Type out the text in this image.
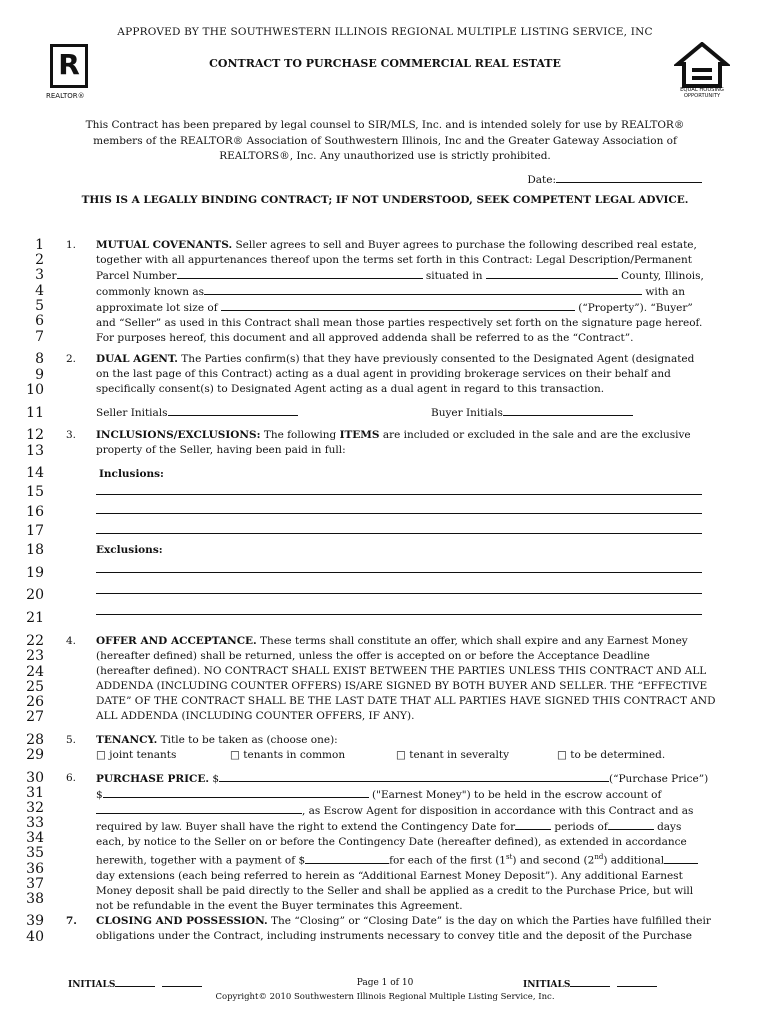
APPROVED BY THE SOUTHWESTERN ILLINOIS REGIONAL MULTIPLE LISTING SERVICE, INC
CONTRACT TO PURCHASE COMMERCIAL REAL ESTATE
R
REALTOR®
EQUAL HOUSING OPPORTUNITY
This Contract has been prepared by legal counsel to SIR/MLS, Inc. and is intended solely for use by REALTOR®
members of the REALTOR® Association of Southwestern Illinois, Inc and the Greater Gateway Association of
REALTORS®, Inc. Any unauthorized use is strictly prohibited.
Date:
THIS IS A LEGALLY BINDING CONTRACT; IF NOT UNDERSTOOD, SEEK COMPETENT LEGAL ADVICE.
1
2
3
4
5
6
7
8
9
10
11
12
13
14
15
16
17
18
19
20
21
22
23
24
25
26
27
28
29
30
31
32
33
34
35
36
37
38
39
40
1. MUTUAL COVENANTS. Seller agrees to sell and Buyer agrees to purchase the following described real estate,
together with all appurtenances thereof upon the terms set forth in this Contract: Legal Description/Permanent
Parcel Number	situated in	County, Illinois,
commonly known as	with an
approximate lot size of	(“Property”). “Buyer”
and “Seller” as used in this Contract shall mean those parties respectively set forth on the signature page hereof.
For purposes hereof, this document and all approved addenda shall be referred to as the “Contract”.
2. DUAL AGENT. The Parties confirm(s) that they have previously consented to the Designated Agent (designated
on the last page of this Contract) acting as a dual agent in providing brokerage services on their behalf and
specifically consent(s) to Designated Agent acting as a dual agent in regard to this transaction.
Seller Initials	Buyer Initials
3. INCLUSIONS/EXCLUSIONS: The following ITEMS are included or excluded in the sale and are the exclusive
property of the Seller, having been paid in full:
Inclusions:
Exclusions:
4. OFFER AND ACCEPTANCE. These terms shall constitute an offer, which shall expire and any Earnest Money
(hereafter defined) shall be returned, unless the offer is accepted on or before the Acceptance Deadline
(hereafter defined). NO CONTRACT SHALL EXIST BETWEEN THE PARTIES UNLESS THIS CONTRACT AND ALL
ADDENDA (INCLUDING COUNTER OFFERS) IS/ARE SIGNED BY BOTH BUYER AND SELLER. THE “EFFECTIVE
DATE” OF THE CONTRACT SHALL BE THE LAST DATE THAT ALL PARTIES HAVE SIGNED THIS CONTRACT AND
ALL ADDENDA (INCLUDING COUNTER OFFERS, IF ANY).
5. TENANCY. Title to be taken as (choose one):
□ joint tenants	□ tenants in common	□ tenant in severalty	□ to be determined.
6. PURCHASE PRICE. $	(“Purchase Price”)
$	("Earnest Money") to be held in the escrow account of
, as Escrow Agent for disposition in accordance with this Contract and as
required by law. Buyer shall have the right to extend the Contingency Date for	periods of	days
each, by notice to the Seller on or before the Contingency Date (hereafter defined), as extended in accordance
herewith, together with a payment of $	for each of the first (1st) and second (2nd) additional
day extensions (each being referred to herein as “Additional Earnest Money Deposit”). Any additional Earnest
Money deposit shall be paid directly to the Seller and shall be applied as a credit to the Purchase Price, but will
not be refundable in the event the Buyer terminates this Agreement.
7. CLOSING AND POSSESSION. The “Closing” or “Closing Date” is the day on which the Parties have fulfilled their
obligations under the Contract, including instruments necessary to convey title and the deposit of the Purchase
INITIALS	Page 1 of 10	INITIALS
Copyright© 2010 Southwestern Illinois Regional Multiple Listing Service, Inc.
